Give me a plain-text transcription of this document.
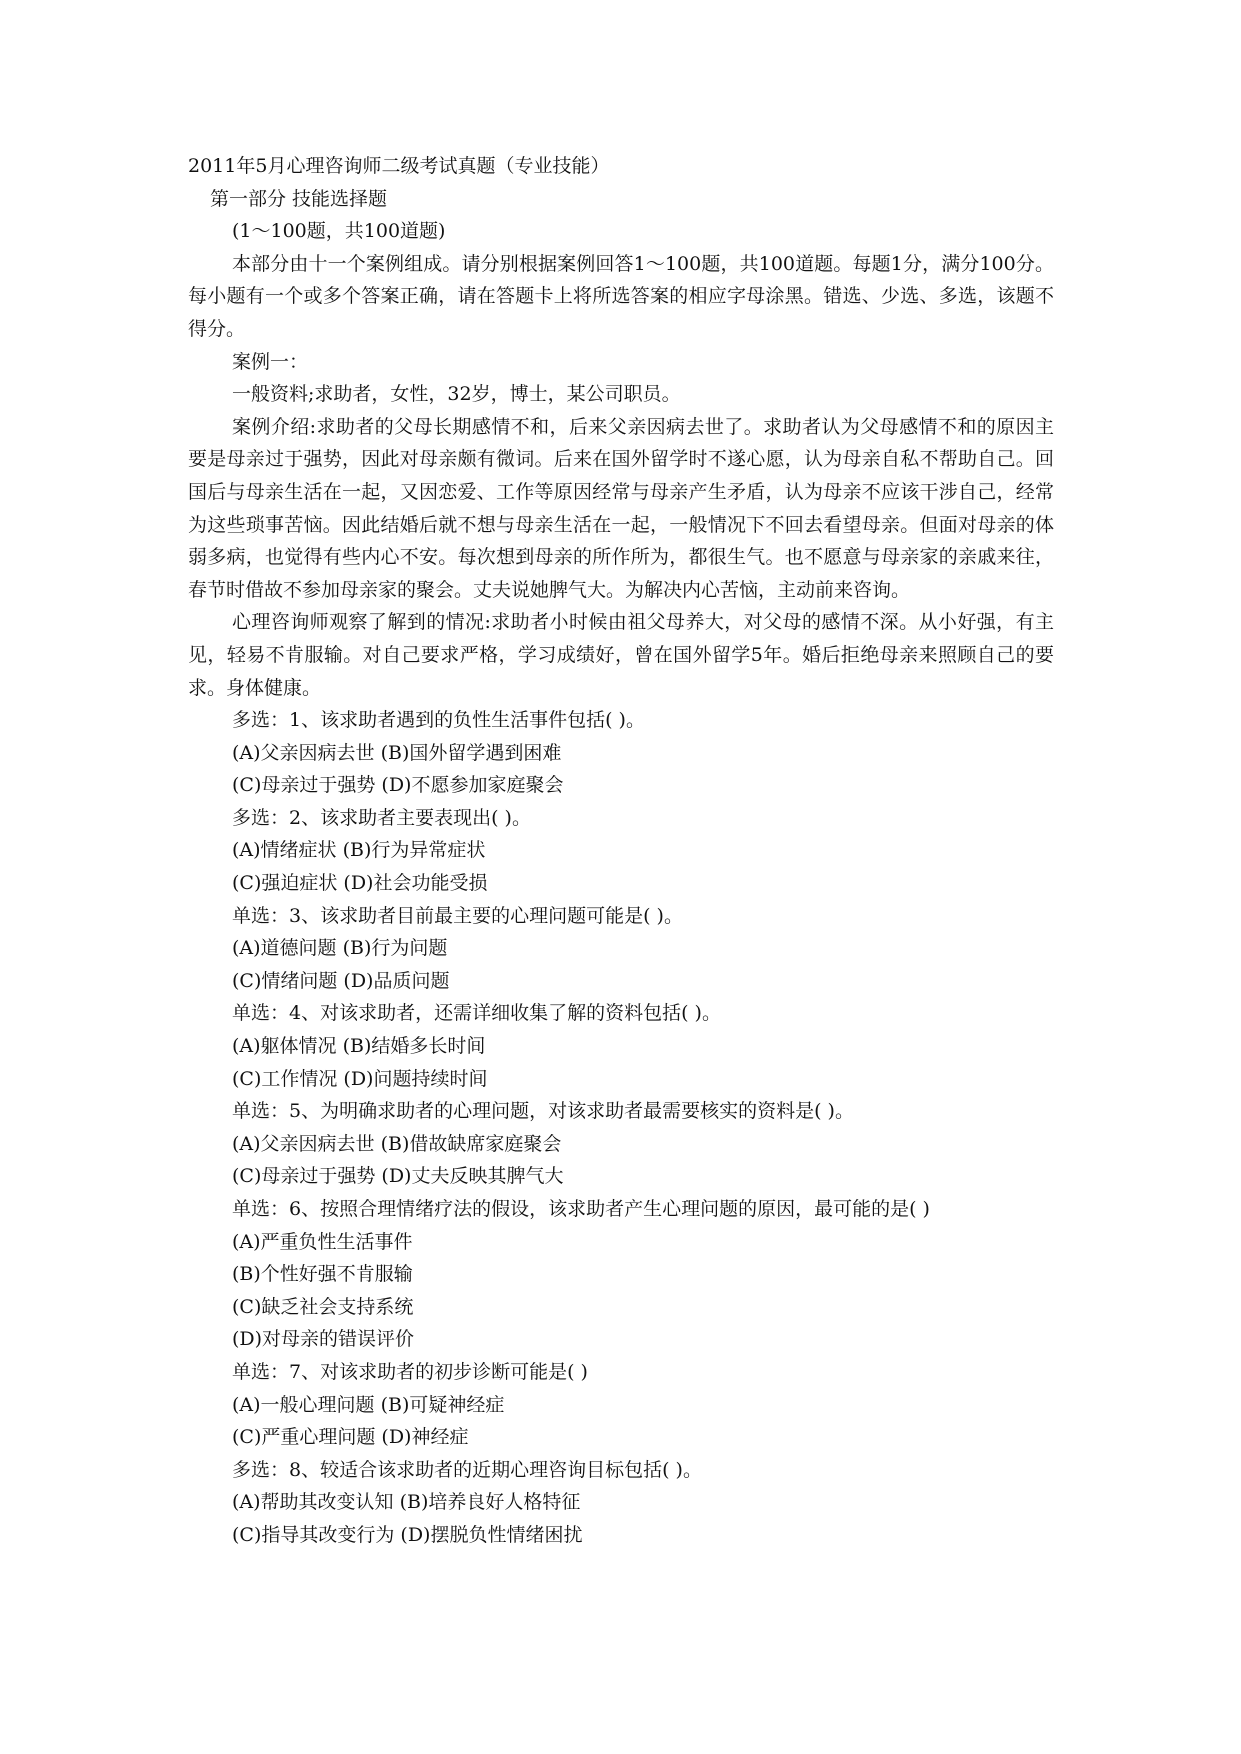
2011年5月心理咨询师二级考试真题（专业技能）
第一部分 技能选择题
(1～100题，共100道题)
本部分由十一个案例组成。请分别根据案例回答1～100题，共100道题。每题1分，满分100分。每小题有一个或多个答案正确，请在答题卡上将所选答案的相应字母涂黑。错选、少选、多选，该题不得分。
案例一：
一般资料;求助者，女性，32岁，博士，某公司职员。
案例介绍:求助者的父母长期感情不和，后来父亲因病去世了。求助者认为父母感情不和的原因主要是母亲过于强势，因此对母亲颇有微词。后来在国外留学时不遂心愿，认为母亲自私不帮助自己。回国后与母亲生活在一起，又因恋爱、工作等原因经常与母亲产生矛盾，认为母亲不应该干涉自己，经常为这些琐事苦恼。因此结婚后就不想与母亲生活在一起，一般情况下不回去看望母亲。但面对母亲的体弱多病，也觉得有些内心不安。每次想到母亲的所作所为，都很生气。也不愿意与母亲家的亲戚来往，春节时借故不参加母亲家的聚会。丈夫说她脾气大。为解决内心苦恼，主动前来咨询。
心理咨询师观察了解到的情况:求助者小时候由祖父母养大，对父母的感情不深。从小好强，有主见，轻易不肯服输。对自己要求严格，学习成绩好，曾在国外留学5年。婚后拒绝母亲来照顾自己的要求。身体健康。
多选：1、该求助者遇到的负性生活事件包括( )。
(A)父亲因病去世 (B)国外留学遇到困难
(C)母亲过于强势 (D)不愿参加家庭聚会
多选：2、该求助者主要表现出( )。
(A)情绪症状 (B)行为异常症状
(C)强迫症状 (D)社会功能受损
单选：3、该求助者目前最主要的心理问题可能是( )。
(A)道德问题 (B)行为问题
(C)情绪问题 (D)品质问题
单选：4、对该求助者，还需详细收集了解的资料包括( )。
(A)躯体情况 (B)结婚多长时间
(C)工作情况 (D)问题持续时间
单选：5、为明确求助者的心理问题，对该求助者最需要核实的资料是( )。
(A)父亲因病去世 (B)借故缺席家庭聚会
(C)母亲过于强势 (D)丈夫反映其脾气大
单选：6、按照合理情绪疗法的假设，该求助者产生心理问题的原因，最可能的是( )
(A)严重负性生活事件
(B)个性好强不肯服输
(C)缺乏社会支持系统
(D)对母亲的错误评价
单选：7、对该求助者的初步诊断可能是( )
(A)一般心理问题 (B)可疑神经症
(C)严重心理问题 (D)神经症
多选：8、较适合该求助者的近期心理咨询目标包括( )。
(A)帮助其改变认知 (B)培养良好人格特征
(C)指导其改变行为 (D)摆脱负性情绪困扰
